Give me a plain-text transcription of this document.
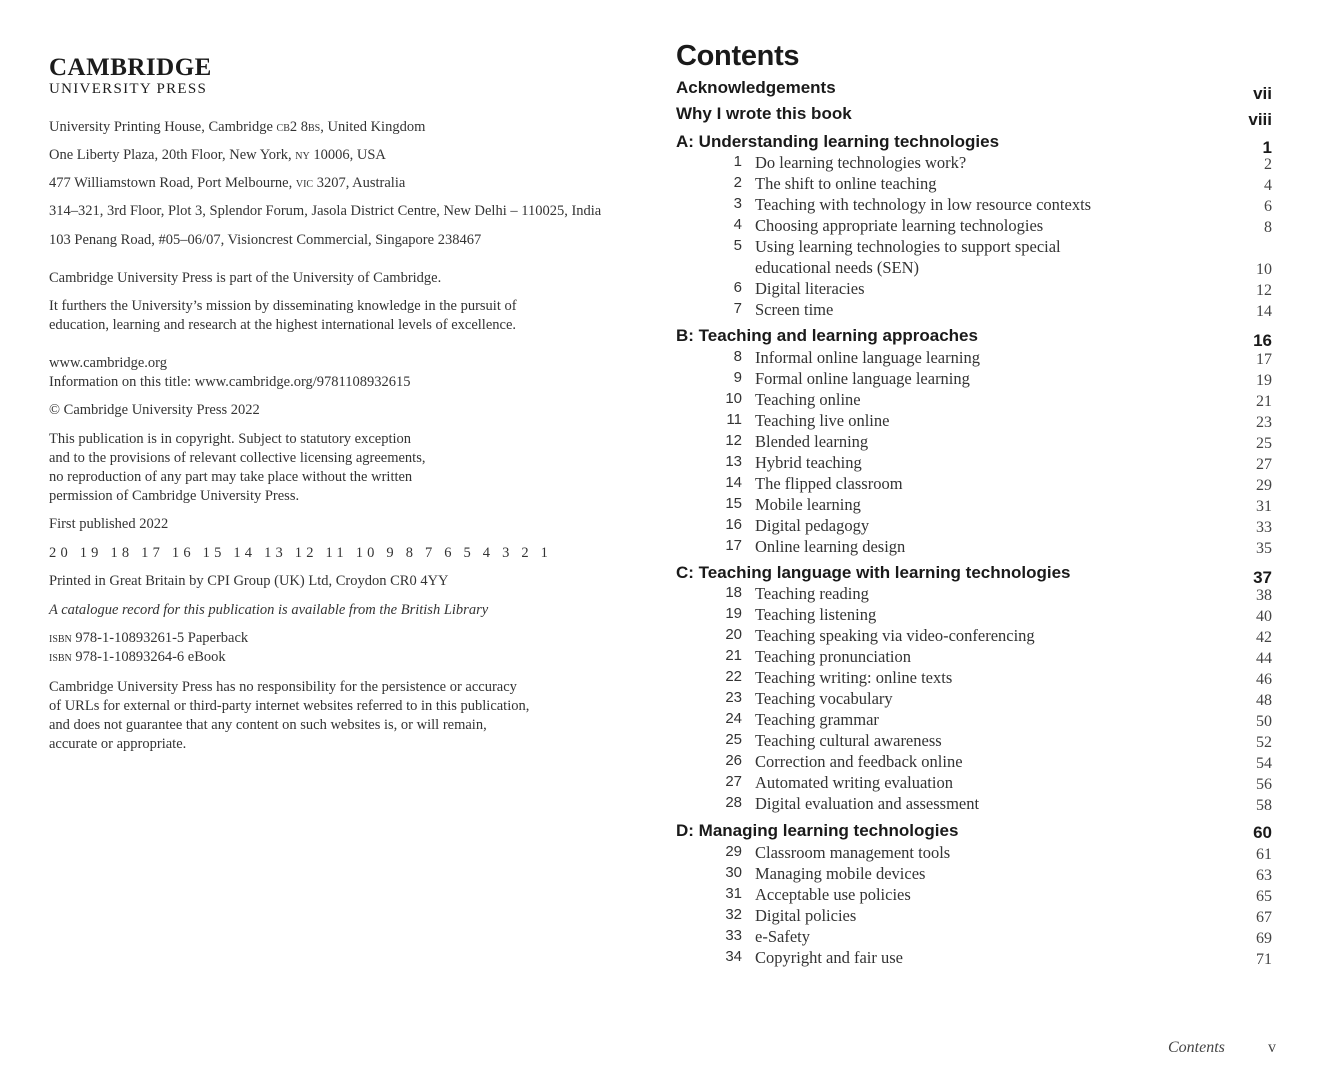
CAMBRIDGE
UNIVERSITY PRESS

University Printing House, Cambridge cb2 8bs, United Kingdom

One Liberty Plaza, 20th Floor, New York, ny 10006, USA

477 Williamstown Road, Port Melbourne, vic 3207, Australia

314–321, 3rd Floor, Plot 3, Splendor Forum, Jasola District Centre, New Delhi – 110025, India

103 Penang Road, #05–06/07, Visioncrest Commercial, Singapore 238467

Cambridge University Press is part of the University of Cambridge.

It furthers the University’s mission by disseminating knowledge in the pursuit of

education, learning and research at the highest international levels of excellence.

www.cambridge.org

Information on this title: www.cambridge.org/9781108932615

© Cambridge University Press 2022

This publication is in copyright. Subject to statutory exception

and to the provisions of relevant collective licensing agreements,

no reproduction of any part may take place without the written

permission of Cambridge University Press.

First published 2022

20 19 18 17 16 15 14 13 12 11 10 9 8 7 6 5 4 3 2 1

Printed in Great Britain by CPI Group (UK) Ltd, Croydon CR0 4YY

A catalogue record for this publication is available from the British Library

isbn 978-1-10893261-5 Paperback

isbn 978-1-10893264-6 eBook

Cambridge University Press has no responsibility for the persistence or accuracy

of URLs for external or third-party internet websites referred to in this publication,

and does not guarantee that any content on such websites is, or will remain,

accurate or appropriate.

Contents
Acknowledgements	vii
Why I wrote this book	viii
A: Understanding learning technologies	1
1 Do learning technologies work?	2
2 The shift to online teaching	4
3 Teaching with technology in low resource contexts	6
4 Choosing appropriate learning technologies	8
5 Using learning technologies to support special
educational needs (SEN)	10
6 Digital literacies	12
7 Screen time	14
B: Teaching and learning approaches	16
8 Informal online language learning	17
9 Formal online language learning	19
10 Teaching online	21
11 Teaching live online	23
12 Blended learning	25
13 Hybrid teaching	27
14 The flipped classroom	29
15 Mobile learning	31
16 Digital pedagogy	33
17 Online learning design	35
C: Teaching language with learning technologies	37
18 Teaching reading	38
19 Teaching listening	40
20 Teaching speaking via video-conferencing	42
21 Teaching pronunciation	44
22 Teaching writing: online texts	46
23 Teaching vocabulary	48
24 Teaching grammar	50
25 Teaching cultural awareness	52
26 Correction and feedback online	54
27 Automated writing evaluation	56
28 Digital evaluation and assessment	58
D: Managing learning technologies	60
29 Classroom management tools	61
30 Managing mobile devices	63
31 Acceptable use policies	65
32 Digital policies	67
33 e-Safety	69
34 Copyright and fair use	71
Contents	v
